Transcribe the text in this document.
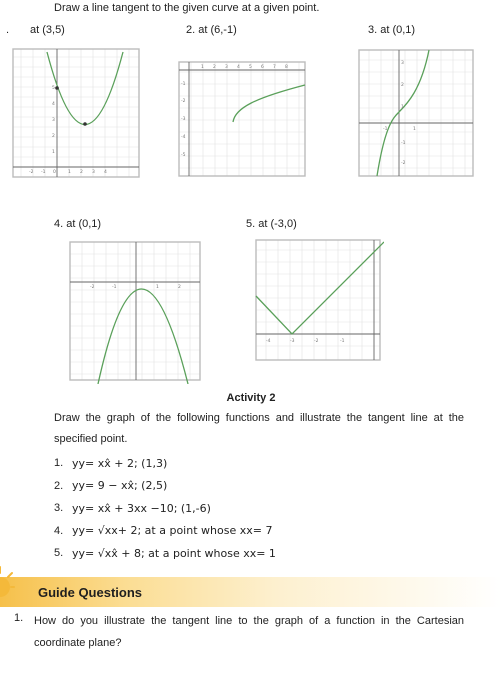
.
Draw a line tangent to the given curve at a given point.
at (3,5)	2. at (6,-1)	3. at (0,1)
4. at (0,1)	5. at (-3,0)
-2 -1 0	1 2 3 4
5
4
3
2
1
1 2 3 4 5 6 7 8
-1
-2
-3
-4
-5
-1	1
3
2
1
-1
-2
-2	-1	1	2
-4	-3	-2	-1
Activity 2
Draw the graph of the following functions and illustrate the tangent line at the specified point.
1. yy= xx̂ + 2; (1,3)
2. yy= 9 − xx̂; (2,5)
3. yy= xx̂ + 3xx −10; (1,-6)
4. yy= √xx+ 2; at a point whose xx= 7
5. yy= √xx̂ + 8; at a point whose xx= 1
Guide Questions
1. How do you illustrate the tangent line to the graph of a function in the Cartesian coordinate plane?
